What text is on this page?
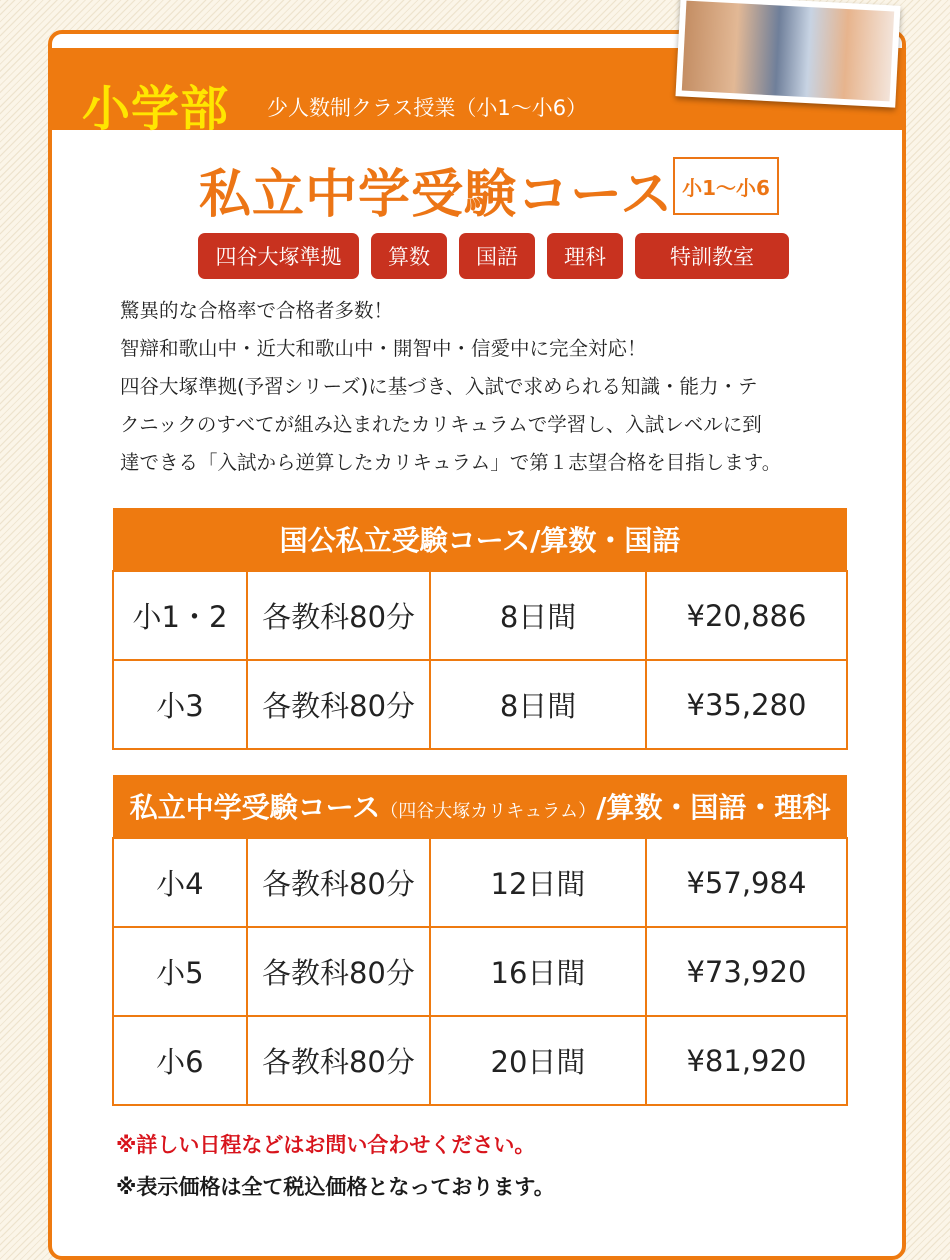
小学部 少人数制クラス授業（小1〜小6）
私立中学受験コース 小1〜小6
四谷大塚準拠	算数	国語	理科	特訓教室

驚異的な合格率で合格者多数！

智辯和歌山中・近大和歌山中・開智中・信愛中に完全対応！

四谷大塚準拠(予習シリーズ)に基づき、入試で求められる知識・能力・テ

クニックのすべてが組み込まれたカリキュラムで学習し、入試レベルに到

達できる「入試から逆算したカリキュラム」で第１志望合格を目指します。

国公私立受験コース/算数・国語			
小1・2	各教科80分	8日間	¥20,886
小3	各教科80分	8日間	¥35,280
私立中学受験コース（四谷大塚カリキュラム）/算数・国語・理科			
小4	各教科80分	12日間	¥57,984
小5	各教科80分	16日間	¥73,920
小6	各教科80分	20日間	¥81,920

※詳しい日程などはお問い合わせください。

※表示価格は全て税込価格となっております。
